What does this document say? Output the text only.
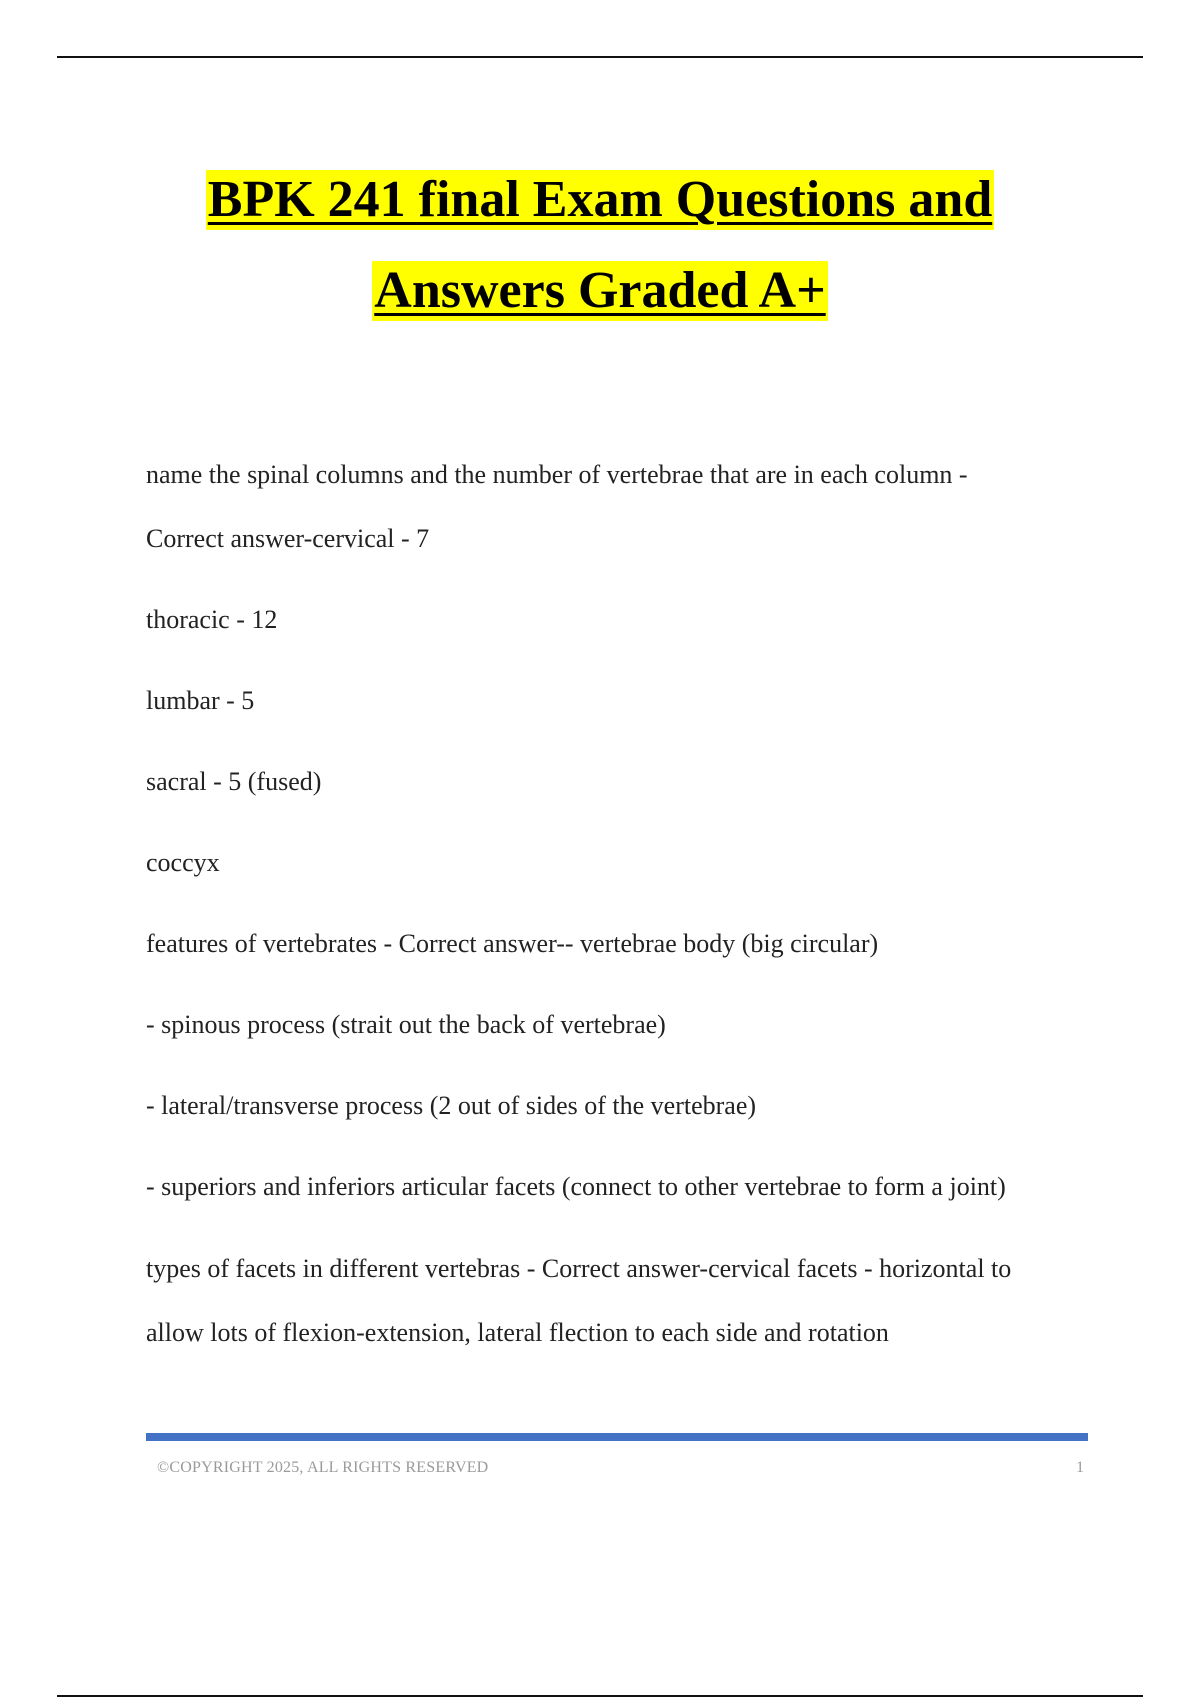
BPK 241 final Exam Questions and
Answers Graded A+

name the spinal columns and the number of vertebrae that are in each column -

Correct answer-cervical - 7

thoracic - 12

lumbar - 5

sacral - 5 (fused)

coccyx

features of vertebrates - Correct answer-- vertebrae body (big circular)

- spinous process (strait out the back of vertebrae)

- lateral/transverse process (2 out of sides of the vertebrae)

- superiors and inferiors articular facets (connect to other vertebrae to form a joint)

types of facets in different vertebras - Correct answer-cervical facets - horizontal to

allow lots of flexion-extension, lateral flection to each side and rotation

©COPYRIGHT 2025, ALL RIGHTS RESERVED	1
